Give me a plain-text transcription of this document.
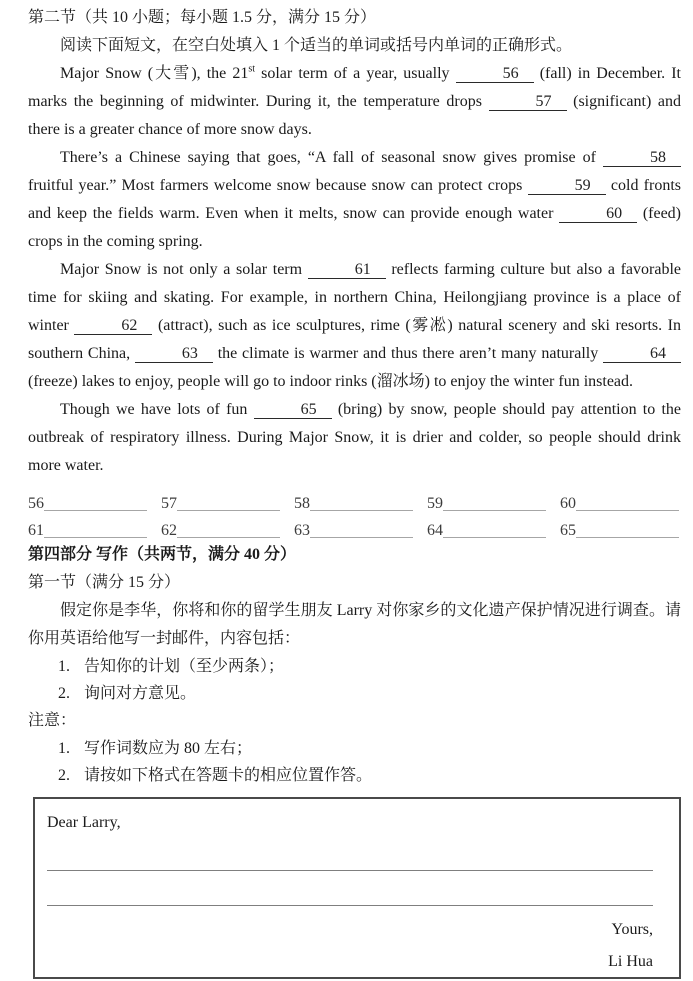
第二节（共 10 小题；每小题 1.5 分，满分 15 分）

阅读下面短文，在空白处填入 1 个适当的单词或括号内单词的正确形式。

Major Snow (大雪), the 21st solar term of a year, usually	56 (fall) in December. It marks the beginning of midwinter. During it, the temperature drops	57 (significant) and there is a greater chance of more snow days.

There’s a Chinese saying that goes, “A fall of seasonal snow gives promise of	58fruitful year.” Most farmers welcome snow because snow can protect crops	59 cold fronts and keep the fields warm. Even when it melts, snow can provide enough water	60 (feed) crops in the coming spring.

Major Snow is not only a solar term	61 reflects farming culture but also a favorable time for skiing and skating. For example, in northern China, Heilongjiang province is a place of winter	62 (attract), such as ice sculptures, rime (雾凇) natural scenery and ski resorts. In southern China,	63 the climate is warmer and thus there aren’t many naturally	64 (freeze) lakes to enjoy, people will go to indoor rinks (溜冰场) to enjoy the winter fun instead.

Though we have lots of fun	65 (bring) by snow, people should pay attention to the outbreak of respiratory illness. During Major Snow, it is drier and colder, so people should drink more water.

56	57	58	59	60
61	62	63	64	65
第四部分 写作（共两节，满分 40 分）
第一节（满分 15 分）

假定你是李华，你将和你的留学生朋友 Larry 对你家乡的文化遗产保护情况进行调查。请你用英语给他写一封邮件，内容包括：

1. 告知你的计划（至少两条）；
2. 询问对方意见。
注意：
1. 写作词数应为 80 左右；
2. 请按如下格式在答题卡的相应位置作答。
Dear Larry,
Yours,
Li Hua
